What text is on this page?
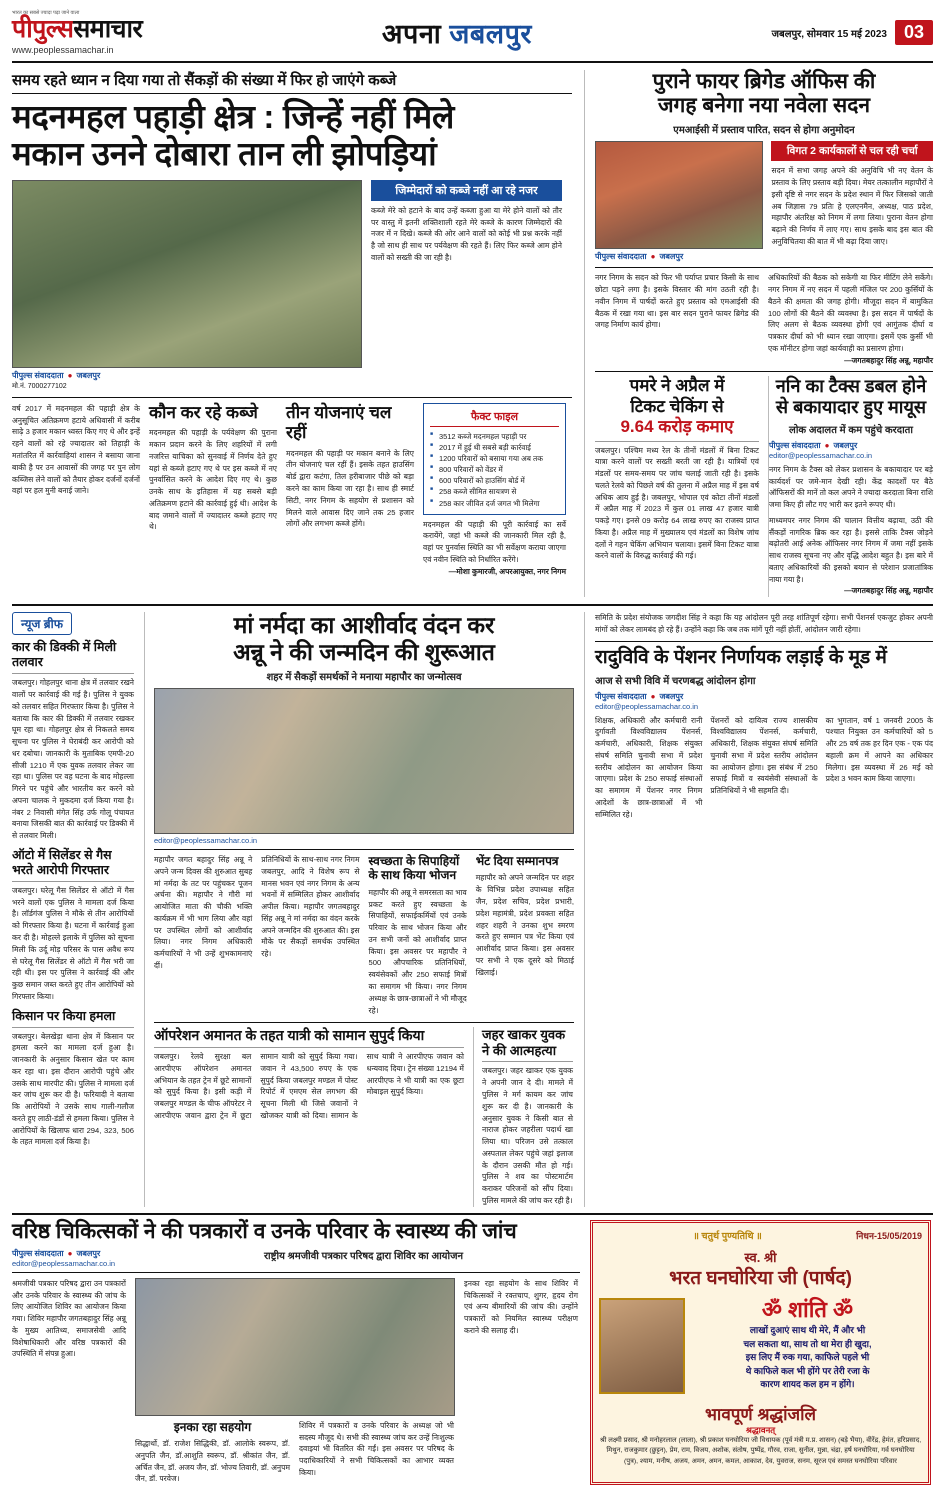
भारत का सबसे ज्यादा पढ़ा जाने वाला
पीपुल्ससमाचार
www.peoplessamachar.in
अपना जबलपुर	जबलपुर, सोमवार 15 मई 2023 03
समय रहते ध्यान न दिया गया तो सैंकड़ों की संख्या में फिर हो जाएंगे कब्जे
मदनमहल पहाड़ी क्षेत्र : जिन्हें नहीं मिले
मकान उनने दोबारा तान ली झोपड़ियां
पीपुल्स संवाददाता ● जबलपुर
मो.नं. 7000277102
जिम्मेदारों को कब्जे नहीं आ रहे नजर
कब्जे मेरे को हटाने के बाद उन्हें कब्जा हुआ या मेरे होने वालों को तौर पर वास्तु में इतनी शक्तिशाली रहते मेरे कब्जे के कारण जिम्मेदारों की नजर में न दिखे। कब्जे की ओर आने वालों को कोई भी प्रश्न करके नहीं है जो साथ ही साथ पर पर्यवेक्षण की रहते हैं। लिए फिर कब्जे आम होने वालों को सख्ती की जा रही है।
वर्ष 2017 में मदनमहल की पहाड़ी क्षेत्र के अनुसूचित अतिक्रमण हटाये अधिवासी में करीब साढ़े 3 हजार मकान ध्वस्त किए गए थे और इन्हें रहने वालों को रहे ज्यादातर को तिहाड़ी के मतांतरित में कार्रवाहियां शासन ने बसाया जाना बाकी है पर उन आवासों की जगह पर पुन लोग कब्जिस लेने वालों को तैयार होकर दर्जनों दर्जनों वहां पर हल मुनी बनाई जाने।
कौन कर रहे कब्जे
मदनमहल की पहाड़ी के पर्यवेक्षण की पुराना मकान प्रदान करने के लिए शहरियों में लगी नजरित्त याचिका को सुनवाई में निर्णय देते हुए यहां से कब्जे हटाए गए थे पर इस कब्जे में नए पुनर्वासित करने के आदेश दिए गए थे। कुछ उनके साथ के इतिहास में यह सबसे बड़ी अतिक्रमण हटाने की कार्रवाई हुई थी। आदेश के बाद जमाने वालों में ज्यादातर कब्जे हटाए गए थे।
तीन योजनाएं चल रहीं
मदनमहल की पहाड़ी पर मकान बनाने के लिए तीन योजनाएं चल रहीं हैं। इसके तहत हाउसिंग बोर्ड द्वारा कटंगा, तिल हरीबाजार पीछे को बड़ा करने का काम किया जा रहा है। साथ ही स्मार्ट सिटी, नगर निगम के सहयोग से प्रशासन को मिलने वाले आवास दिए जाने तक 25 हजार लोगों और लगभग कब्जे होंगे।
फैक्ट फाइल
■ 3512 कब्जे मदनमहल पहाड़ी पर
■ 2017 में हुई थी सबसे बड़ी कार्रवाई
■ 1200 परिवारों को बसाया गया अब तक
■ 800 परिवारों को वेंडर में
■ 600 परिवारों को हाउसिंग बोर्ड में
■ 258 कब्जे सीमित सायत्रण से
■ 258 कार जीवित दर्ज जगत भी मिलेगा
मदनमहल की पहाड़ी की पूरी कार्रवाई का सर्वे करायेंगे, जहां भी कब्जे की जानकारी मिल रही है, वहां पर पुनर्वास स्थिति का भी सर्वेक्षण कराया जाएगा एवं नवीन स्थिति को निर्धारित करेंगे।
—मोशा कुमारजी, अपरआयुक्त, नगर निगम
पुराने फायर ब्रिगेड ऑफिस की
जगह बनेगा नया नवेला सदन
एमआईसी में प्रस्ताव पारित, सदन से होगा अनुमोदन
पीपुल्स संवाददाता ● जबलपुर
विगत 2 कार्यकालों से चल रही चर्चा
सदन में सभा जगह अपने की अनुविचि भी नए वेतन के प्रस्ताव के लिए प्रस्ताव बड़ी दिया। मेयर तत्कालीन महापौरों ने इसी दृष्टि से नगर सदन के प्रदेश स्थान में फिर जिसको जाती अब जिज्ञास 79 प्रतिः हे एलएनमैन, अध्यक्ष, पाठ प्रदेश, महापौर अंतरिक्ष को निगम में लगा लिया। पुराना वेतन होगा बढ़ाने की निर्णय में लाए गए। साथ इसके बाद इस बात की अनुविचितया की बात में भी बढ़ा दिया जाए।
नगर निगम के सदन को फिर भी पर्याप्त प्रचार किसी के साथ छोटा पड़ने लगा है। इसके विस्तार की मांग उठती रही है। नवीन निगम में पार्षदों करते हुए प्रस्ताव को एमआईसी की बैठक में रखा गया था। इस बार सदन पुराने फायर ब्रिगेड की जगह निर्माण कार्य होगा।
अधिकारियों की बैठक को सकेगी या फिर मीटिंग लेने सकेंगे। नगर निगम में नए सदन में पहली मंजिल पर 200 कुर्सियों के बैठने की क्षमता की जगह होगी। मौजूदा सदन में बामुकित 100 लोगों की बैठने की व्यवस्था है। इस सदन में पार्षदों के लिए अलग से बैठक व्यवस्था होगी एवं आगुंतक दीर्घा व पत्रकार दीर्घा को भी ध्यान रखा जाएगा। इसमें एक कुर्सी भी एक मॉनीटर होगा जहां कार्यवाही का प्रसारण होगा।
—जगतबहादुर सिंह अन्नू, महापौर
पमरे ने अप्रैल में
टिकट चेकिंग से
9.64 करोड़ कमाए
जबलपुर। पश्चिम मध्य रेल के तीनों मंडलों में बिना टिकट यात्रा करने वालों पर सख्ती बरती जा रही है। यात्रियों एवं मंडलों पर समय-समय पर जांच चलाई जाती रही है। इसके चलते रेलवे को पिछले वर्ष की तुलना में अप्रैल माह में इस वर्ष अधिक आय हुई है। जबलपुर, भोपाल एवं कोटा तीनों मंडलों में अप्रैल माह में 2023 में कुल 01 लाख 47 हजार यात्री पकड़े गए। इनसे 09 करोड़ 64 लाख रुपए का राजस्व प्राप्त किया है। अप्रैल माह में मुख्यालय एवं मंडलों का विशेष जांच दलों ने गहन चेकिंग अभियान चलाया। इसमें बिना टिकट यात्रा करने वालों के विरुद्ध कार्रवाई की गई।
ननि का टैक्स डबल होने
से बकायादार हुए मायूस
लोक अदालत में कम पहुंचे करदाता
पीपुल्स संवाददाता ● जबलपुर
editor@peoplessamachar.co.in
नगर निगम के टैक्स को लेकर प्रशासन के बकायादार पर बड़े कार्यदर्श पर जमे-मान देखी रही। केंद्र कादर्शों पर बैठे ऑफिसरों की मानें तो कल अपने ने ज्यादा करदाता बिना राशि जमा किए ही लौट गए भारी कर इतने रूपए थी।
माध्यमपर नगर निगम की चालान वित्तीय बढ़ाया, उठी की सैंकड़ों नागरिक ब्रिक कर रहा है। इससे ताकि टैक्स जोड़ने बढ़ोतरी आई अनेक ऑफिसर नगर निगम में जमा नहीं इसके साथ राजस्व सूचना नए और वृद्धि आदेश बहुत है। इस बारे में बताए अधिकारियों की इसको बयान से परेशान प्रजातांत्रिक नाया गया है।
—जगतबहादुर सिंह अन्नू, महापौर
न्यूज ब्रीफ
कार की डिक्की में मिली तलवार
जबलपुर। गोहलपुर थाना क्षेत्र में तलवार रखने वालों पर कार्रवाई की गई है। पुलिस ने युवक को तलवार सहित गिरफ्तार किया है। पुलिस ने बताया कि कार की डिक्की में तलवार रखकर घूम रहा था। गोहलपुर क्षेत्र से निकलते समय सूचना पर पुलिस ने घेराबंदी कर आरोपी को धर दबोचा। जानकारी के मुताबिक एमपी-20 सीजी 1210 में एक युवक तलवार लेकर जा रहा था। पुलिस पर वह घटना के बाद मोहल्ला गिरने पर पहुंचे और भारतीय कर करने को अपना चालक ने मुकदमा दर्ज किया गया है। नंबर 2 निवासी मंगेत सिंह उर्फ गोलू पंचायत बनाया जिसकी बात की कार्रवाई पर डिक्की में से तलवार मिली।
ऑटो में सिलेंडर से गैस भरते आरोपी गिरफ्तार
जबलपुर। घरेलू गैस सिलेंडर से ऑटो में गैस भरने वालों एक पुलिस ने मामला दर्ज किया है। लॉर्डगंज पुलिस ने मौके से तीन आरोपियों को गिरफ्तार किया है। घटना में कार्रवाई हुआ कर दी है। मोहल्ले इलाके में पुलिस को सूचना मिली कि उर्दू मोड़ परिसर के पास अवैध रूप से घरेलू गैस सिलेंडर से ऑटो में गैस भरी जा रही थी। इस पर पुलिस ने कार्रवाई की और कुछ समान जब्त करते हुए तीन आरोपियों को गिरफ्तार किया।
किसान पर किया हमला
जबलपुर। बेलखेड़ा थाना क्षेत्र में किसान पर हमला करने का मामला दर्ज हुआ है। जानकारी के अनुसार किसान खेत पर काम कर रहा था। इस दौरान आरोपी पहुंचे और उसके साथ मारपीट की। पुलिस ने मामला दर्ज कर जांच शुरू कर दी है। फरियादी ने बताया कि आरोपियों ने उसके साथ गाली-गलौज करते हुए लाठी-डंडों से हमला किया। पुलिस ने आरोपियों के खिलाफ धारा 294, 323, 506 के तहत मामला दर्ज किया है।
मां नर्मदा का आशीर्वाद वंदन कर
अन्नू ने की जन्मदिन की शुरूआत
शहर में सैकड़ों समर्थकों ने मनाया महापौर का जन्मोत्सव
editor@peoplessamachar.co.in
महापौर जगत बहादुर सिंह अन्नू ने अपने जन्म दिवस की शुरुआत सुबह मां नर्मदा के तट पर पहुंचकर पूजन अर्चना की। महापौर ने गौरी मां आयोजित माता की चौकी भक्ति कार्यक्रम में भी भाग लिया और वहां पर उपस्थित लोगों को आशीर्वाद लिया। नगर निगम अधिकारी कर्मचारियों ने भी उन्हें शुभकामनाएं दीं।
प्रतिनिधियों के साथ-साथ नगर निगम जबलपुर, आदि ने विशेष रूप से मानस भवन एवं नगर निगम के अन्य भवनों में सम्मिलित होकर आशीर्वाद अपील किया। महापौर जगतबहादुर सिंह अन्नू ने मां नर्मदा का वंदन करके अपने जन्मदिन की शुरुआत की। इस मौके पर सैकड़ों समर्थक उपस्थित रहे।
स्वच्छता के सिपाहियों के साथ किया भोजन
महापौर की अन्नू ने समरसता का भाव प्रकट करते हुए स्वच्छता के सिपाहियों, सफाईकर्मियों एवं उनके परिवार के साथ भोजन किया और उन सभी जनों को आशीर्वाद प्राप्त किया। इस अवसर पर महापौर ने 500 औपचारिक प्रतिनिधियों, स्वयंसेवकों और 250 सफाई मित्रों का समागम भी किया। नगर निगम अध्यक्ष के छात्र-छात्राओं ने भी मौजूद रहे।
भेंट दिया सम्मानपत्र
महापौर को अपने जन्मदिन पर शहर के विभिन्न प्रदेश उपाध्यक्ष सहित जैन, प्रदेश सचिव, प्रदेश प्रभारी, प्रदेश महामंत्री, प्रदेश प्रवक्ता सहित शहर शहरी ने उनका शुभ स्मरण करते हुए सम्मान पत्र भेंट किया एवं आशीर्वाद प्राप्त किया। इस अवसर पर सभी ने एक दूसरे को मिठाई खिलाई।
ऑपरेशन अमानत के तहत यात्री को सामान सुपुर्द किया
जबलपुर। रेलवे सुरक्षा बल आरपीएफ ऑपरेशन अमानत अभियान के तहत ट्रेन में छूटे सामानों को सुपुर्द किया है। इसी कड़ी में जबलपुर मण्डल के चीफ ऑपरेटर ने आरपीएफ जवान द्वारा ट्रेन में छूटा सामान यात्री को सुपुर्द किया गया। जवान ने 43,500 रुपए के एक सुपुर्द किया जबलपुर मण्डल में पोस्ट रिपोर्ट में एमएम सेल लगभग की सूचना मिली थी जिसे जवानों ने खोजकर यात्री को दिया। सामान के साथ यात्री ने आरपीएफ जवान को धन्यवाद दिया। ट्रेन संख्या 12194 में आरपीएफ ने भी यात्री का एक छूटा मोबाइल सुपुर्द किया।
जहर खाकर युवक
ने की आत्महत्या
जबलपुर। जहर खाकर एक युवक ने अपनी जान दे दी। मामले में पुलिस ने मर्ग कायम कर जांच शुरू कर दी है। जानकारी के अनुसार युवक ने किसी बात से नाराज होकर जहरीला पदार्थ खा लिया था। परिजन उसे तत्काल अस्पताल लेकर पहुंचे जहां इलाज के दौरान उसकी मौत हो गई। पुलिस ने शव का पोस्टमार्टम कराकर परिजनों को सौंप दिया। पुलिस मामले की जांच कर रही है।
समिति के प्रदेश संयोजक जगदीश सिंह ने कहा कि यह आंदोलन पूरी तरह शांतिपूर्ण रहेगा। सभी पेंशनर्स एकजुट होकर अपनी मांगों को लेकर लामबंद हो रहे हैं। उन्होंने कहा कि जब तक मांगें पूरी नहीं होतीं, आंदोलन जारी रहेगा।
रादुविवि के पेंशनर निर्णायक लड़ाई के मूड में
आज से सभी विवि में चरणबद्ध आंदोलन होगा
पीपुल्स संवाददाता ● जबलपुर
editor@peoplessamachar.co.in
शिक्षक, अधिकारी और कर्मचारी रानी दुर्गावती विश्वविद्यालय पेंशनर्स, कर्मचारी, अधिकारी, शिक्षक संयुक्त संघर्ष समिति चुनावी सभा में प्रदेश स्तरीय आंदोलन का आयोजन किया जाएगा। प्रदेश के 250 सफाई संस्थाओं का समागम में पेंशनर नगर निगम आदेशों के छात्र-छात्राओं में भी सम्मिलित रहे।
पेंशनरों को दायित्व राज्य शासकीय विश्वविद्यालय पेंशनर्स, कर्मचारी, अधिकारी, शिक्षक संयुक्त संघर्ष समिति चुनावी सभा में प्रदेश स्तरीय आंदोलन का आयोजन होगा। इस संबंध में 250 सफाई मित्रों व स्वयंसेवी संस्थाओं के प्रतिनिधियों ने भी सहमति दी।
का भुगतान, वर्ष 1 जनवरी 2005 के पश्चात नियुक्त उन कर्मचारियों को 5 और 25 वर्ष तक हर दिन एक - एक पंद बहाली क्रम में आपने का अधिकार मिलेगा। इस व्यवस्था में 26 मई को प्रदेश 3 भवन काम किया जाएगा।
वरिष्ठ चिकित्सकों ने की पत्रकारों व उनके परिवार के स्वास्थ्य की जांच
पीपुल्स संवाददाता ● जबलपुर
editor@peoplessamachar.co.in
राष्ट्रीय श्रमजीवी पत्रकार परिषद द्वारा शिविर का आयोजन
श्रमजीवी पत्रकार परिषद द्वारा उन पत्रकारों और उनके परिवार के स्वास्थ्य की जांच के लिए आयोजित शिविर का आयोजन किया गया। शिविर महापौर जगतबहादुर सिंह अन्नू के मुख्य आतिथ्य, समाजसेवी आदि विशेषाधिकारी और वरिष्ठ पत्रकारों की उपस्थिति में संपन्न हुआ।
इनका रहा सहयोग
सिद्धार्थो, डॉ. राजेश सिद्धिकी, डॉ. आलोके स्वरूप, डॉ. अनुपति जैन, डॉ.आशुति स्वरूप, डॉ. श्रीकांत जैन, डॉ. अर्चित जैन, डॉ. अजय जैन, डॉ. भोज्य तिवारी, डॉ. अनुपम जैन, डॉ. परवेज।
शिविर में पत्रकारों व उनके परिवार के अध्यक्ष जो भी सदस्य मौजूद थे। सभी की स्वास्थ्य जांच कर उन्हें निःशुल्क दवाइयां भी वितरित की गईं। इस अवसर पर परिषद के पदाधिकारियों ने सभी चिकित्सकों का आभार व्यक्त किया।
इनका रहा सहयोग के साथ शिविर में चिकित्सकों ने रक्तचाप, शुगर, हृदय रोग एवं अन्य बीमारियों की जांच की। उन्होंने पत्रकारों को नियमित स्वास्थ्य परीक्षण कराने की सलाह दी।
॥ चतुर्थ पुण्यतिथि ॥	निधन-15/05/2019
स्व. श्री
भरत घनघोरिया जी (पार्षद)
ॐ शांति ॐ
लाखों दुआएं साथ थी मेरे, मैं और भी
चल सकता था, साथ तो था मेरा ही खुदा,
इस लिए मैं रुक गया, काफिले पहले भी
थे काफिले कल भी होंगे पर तेरी रजा के
कारण शायद कल हम न होंगे।
भावपूर्ण श्रद्धांजलि
श्रद्धावनत्
श्री लक्ष्मी प्रसाद, श्री मनोहरलाल (लाला), श्री प्रकाश घनघोरिया जी विधायक (पूर्व मंत्री म.प्र. शासन) (बड़े भैया), वीरेंद्र, हेमंत, हरिप्रसाद, मिथुन, राजकुमार (छुट्टन), प्रेम, राम, विजय, अशोक, संतोष, पुष्पेंद्र, गौरव, राजा, सुनील, मुन्ना, चंद्रा, हर्ष घनघोरिया, गर्व घनघोरिया (पुत्र), श्याम, मनीष, अजय, अमन, अमन, कमल, आकाश, देव, युवराज, सनम, सूरज एवं समस्त घनघोरिया परिवार
